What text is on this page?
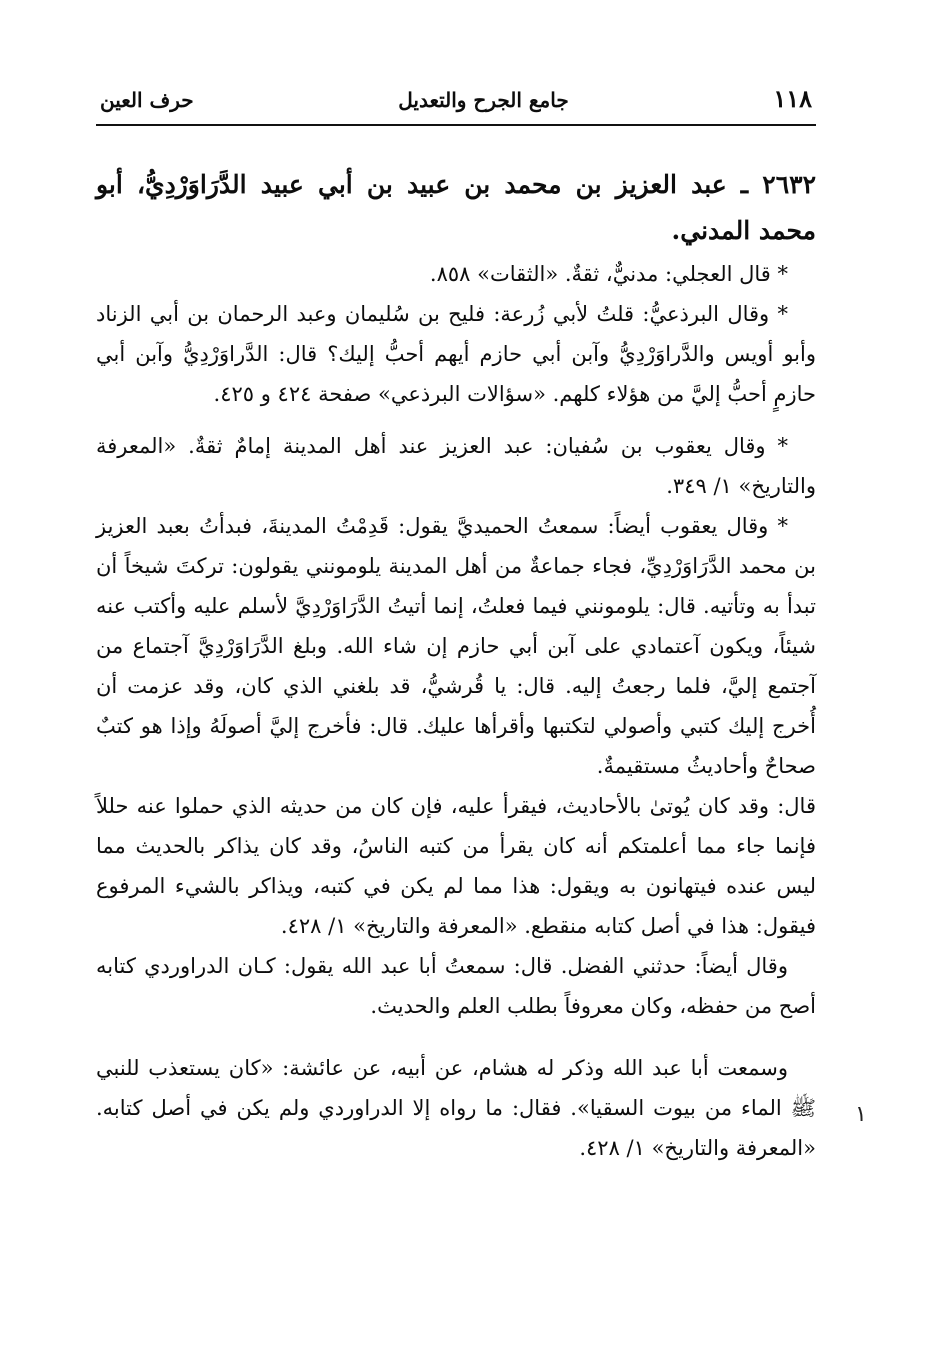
١١٨
جامع الجرح والتعديل
حرف العين

٢٦٣٢ ـ عبد العزيز بن محمد بن عبيد بن أبي عبيد الدَّرَاوَرْدِيُّ، أبو محمد المدني.

* قال العجلي: مدنيٌّ، ثقةٌ. «الثقات» ٨٥٨.

* وقال البرذعيُّ: قلتُ لأبي زُرعة: فليح بن سُليمان وعبد الرحمان بن أبي الزناد وأبو أويس والدَّراوَرْدِيُّ وآبن أبي حازم أيهم أحبُّ إليك؟ قال: الدَّراوَرْدِيُّ وآبن أبي حازمٍ أحبُّ إليَّ من هؤلاء كلهم. «سؤالات البرذعي» صفحة ٤٢٤ و ٤٢٥.

* وقال يعقوب بن سُفيان: عبد العزيز عند أهل المدينة إمامٌ ثقةٌ. «المعرفة والتاريخ» ١/ ٣٤٩.

* وقال يعقوب أيضاً: سمعتُ الحميديَّ يقول: قَدِمْتُ المدينةَ، فبدأتُ بعبد العزيز بن محمد الدَّرَاوَرْدِيِّ، فجاء جماعةٌ من أهل المدينة يلومونني يقولون: تركتَ شيخاً أن تبدأ به وتأتيه. قال: يلومونني فيما فعلتُ، إنما أتيتُ الدَّرَاوَرْدِيَّ لأسلم عليه وأكتب عنه شيئاً، ويكون آعتمادي على آبن أبي حازم إن شاء الله. وبلغ الدَّرَاوَرْدِيَّ آجتماع من آجتمع إليَّ، فلما رجعتُ إليه. قال: يا قُرشيُّ، قد بلغني الذي كان، وقد عزمت أن أُخرج إليك كتبي وأصولي لتكتبها وأقرأها عليك. قال: فأخرج إليَّ أصولَهُ وإذا هو كتبٌ صحاحٌ وأحاديثُ مستقيمةٌ.

قال: وقد كان يُوتىٰ بالأحاديث، فيقرأ عليه، فإن كان من حديثه الذي حملوا عنه حللاً فإنما جاء مما أعلمتكم أنه كان يقرأ من كتبه الناسُ، وقد كان يذاكر بالحديث مما ليس عنده فيتهانون به ويقول: هذا مما لم يكن في كتبه، ويذاكر بالشيء المرفوع فيقول: هذا في أصل كتابه منقطع. «المعرفة والتاريخ» ١/ ٤٢٨.

وقال أيضاً: حدثني الفضل. قال: سمعتُ أبا عبد الله يقول: كـان الدراوردي كتابه أصح من حفظه، وكان معروفاً بطلب العلم والحديث.

وسمعت أبا عبد الله وذكر له هشام، عن أبيه، عن عائشة: «كان يستعذب للنبي ﷺ الماء من بيوت السقيا». فقال: ما رواه إلا الدراوردي ولم يكن في أصل كتابه. «المعرفة والتاريخ» ١/ ٤٢٨.

١
